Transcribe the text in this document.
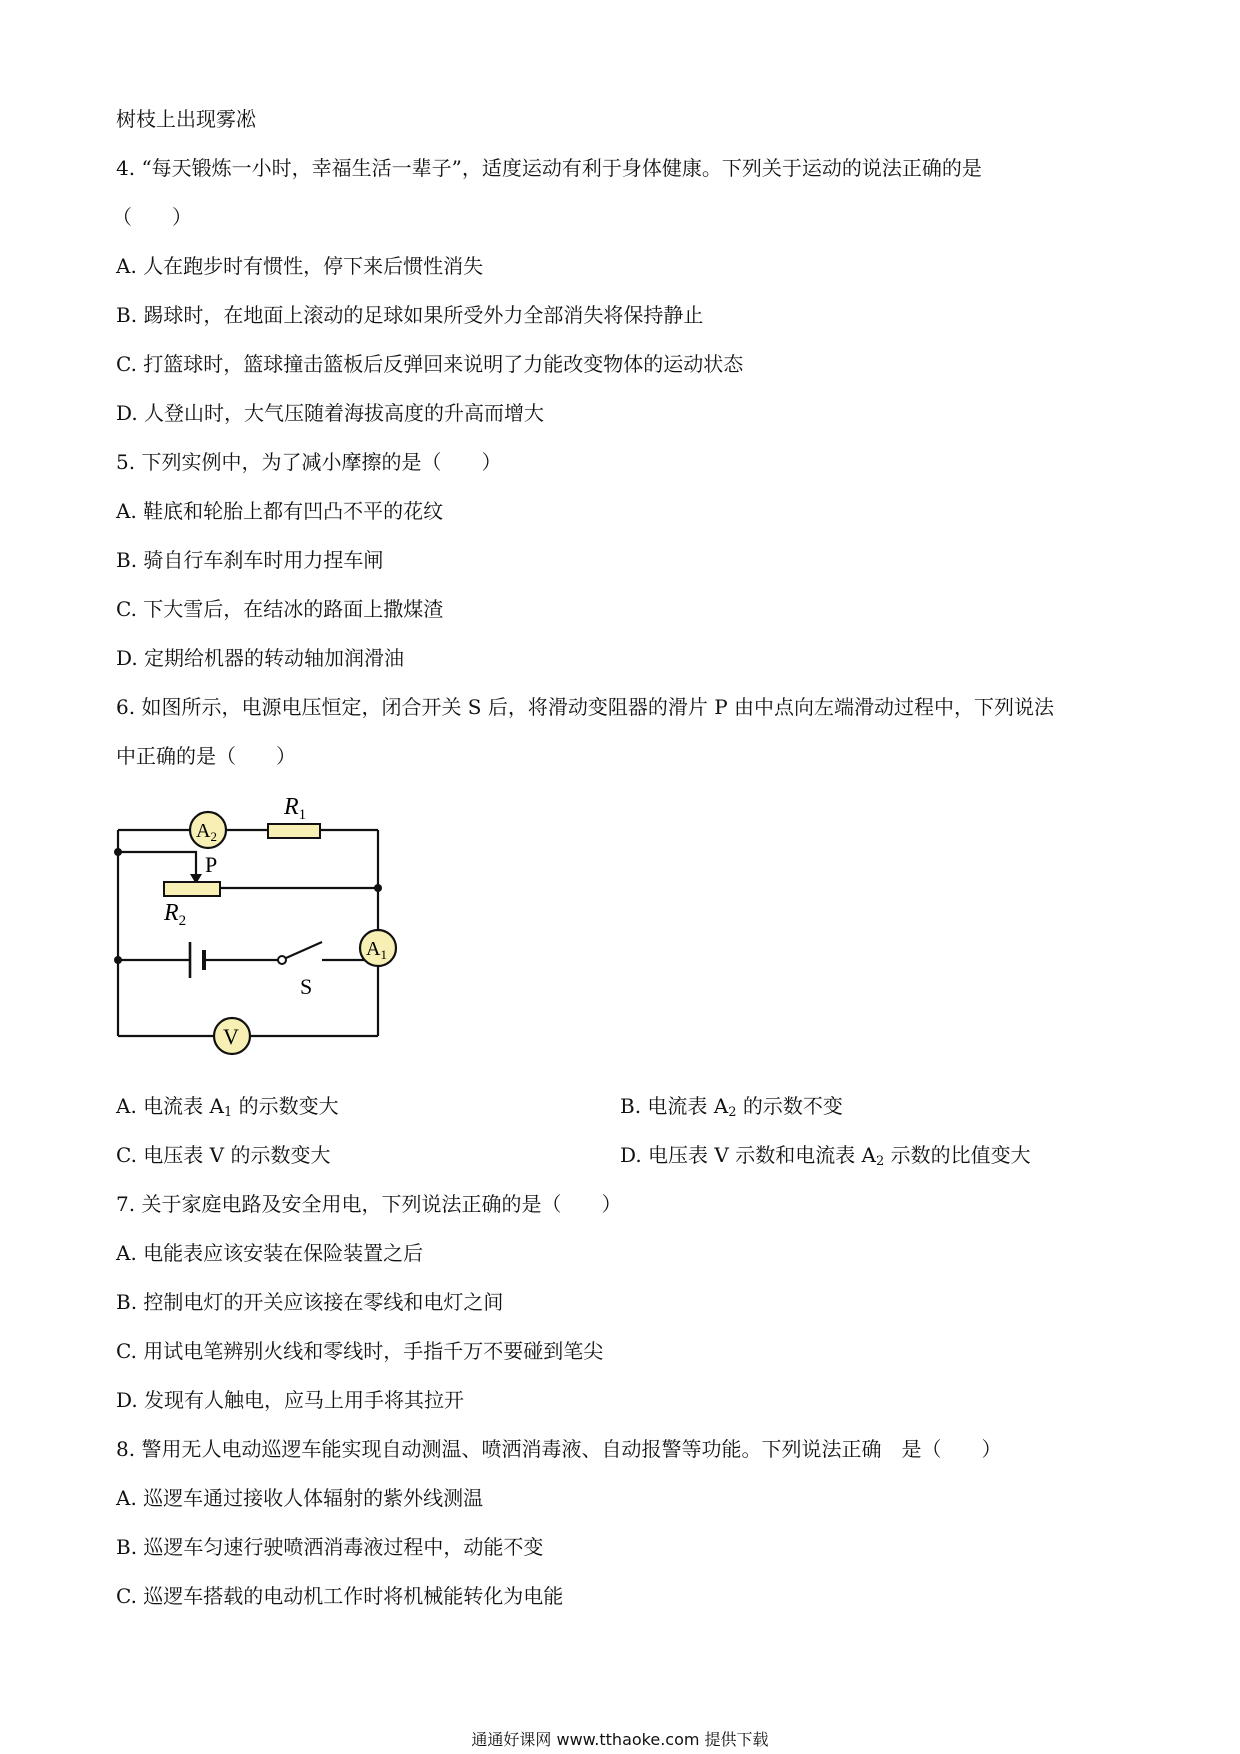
树枝上出现雾凇
4. “每天锻炼一小时，幸福生活一辈子”，适度运动有利于身体健康。下列关于运动的说法正确的是
（　　）
A. 人在跑步时有惯性，停下来后惯性消失
B. 踢球时，在地面上滚动的足球如果所受外力全部消失将保持静止
C. 打篮球时，篮球撞击篮板后反弹回来说明了力能改变物体的运动状态
D. 人登山时，大气压随着海拔高度的升高而增大
5. 下列实例中，为了减小摩擦的是（　　）
A. 鞋底和轮胎上都有凹凸不平的花纹
B. 骑自行车刹车时用力捏车闸
C. 下大雪后，在结冰的路面上撒煤渣
D. 定期给机器的转动轴加润滑油
6. 如图所示，电源电压恒定，闭合开关 S 后，将滑动变阻器的滑片 P 由中点向左端滑动过程中，下列说法
中正确的是（　　）
$R_1$
$R_2$
P
$A_2$
$A_1$
S
V
A. 电流表 $A_1$ 的示数变大	B. 电流表 $A_2$ 的示数不变
C. 电压表 V 的示数变大	D. 电压表 V 示数和电流表 $A_2$ 示数的比值变大
7. 关于家庭电路及安全用电，下列说法正确的是（　　）
A. 电能表应该安装在保险装置之后
B. 控制电灯的开关应该接在零线和电灯之间
C. 用试电笔辨别火线和零线时，手指千万不要碰到笔尖
D. 发现有人触电，应马上用手将其拉开
8. 警用无人电动巡逻车能实现自动测温、喷洒消毒液、自动报警等功能。下列说法正确　是（　　）
A. 巡逻车通过接收人体辐射的紫外线测温
B. 巡逻车匀速行驶喷洒消毒液过程中，动能不变
C. 巡逻车搭载的电动机工作时将机械能转化为电能
通通好课网 www.tthaoke.com 提供下载
